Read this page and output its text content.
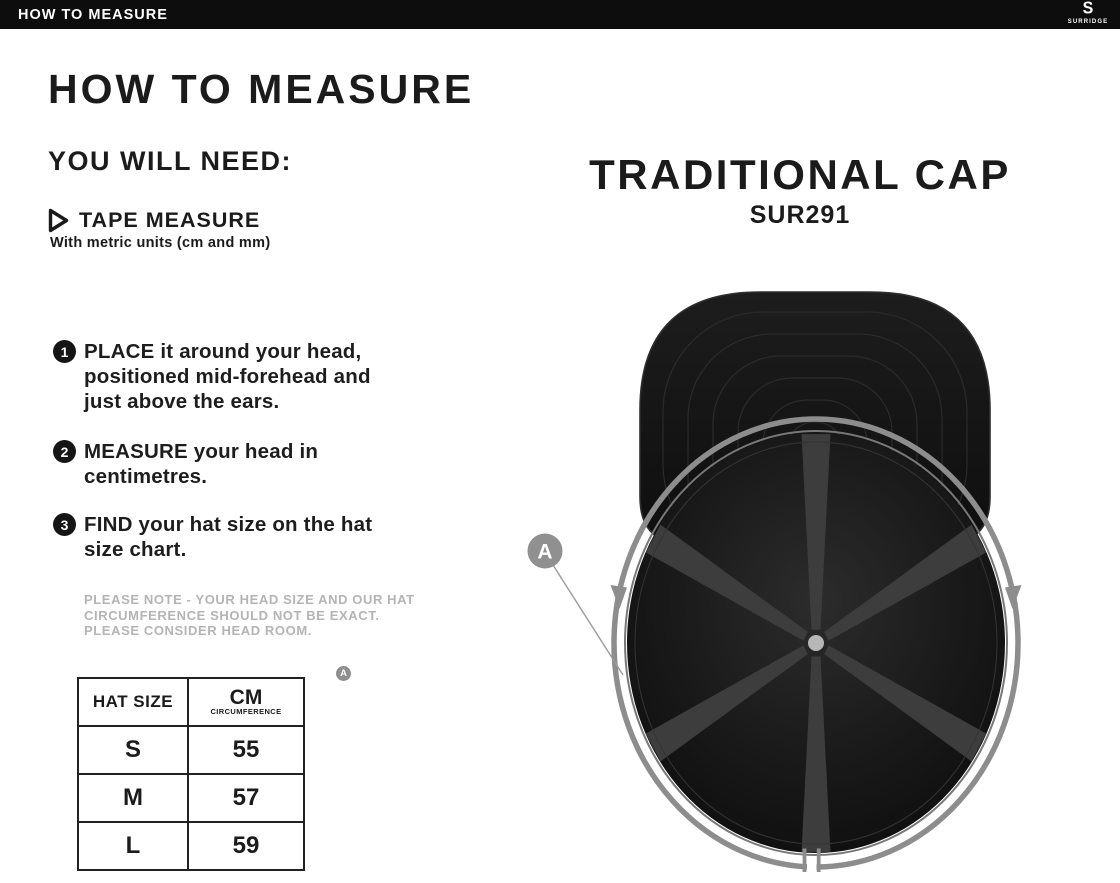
HOW TO MEASURE	S
SURRIDGE
HOW TO MEASURE
YOU WILL NEED:
TAPE MEASURE
With metric units (cm and mm)
1 PLACE it around your head,
positioned mid-forehead and
just above the ears.
2 MEASURE your head in
centimetres.
3 FIND your hat size on the hat
size chart.
PLEASE NOTE - YOUR HEAD SIZE AND OUR HAT
CIRCUMFERENCE SHOULD NOT BE EXACT.
PLEASE CONSIDER HEAD ROOM.
HAT SIZE	CM
CIRCUMFERENCE
A

S	55
M	57
L	59
TRADITIONAL CAP
SUR291
A
